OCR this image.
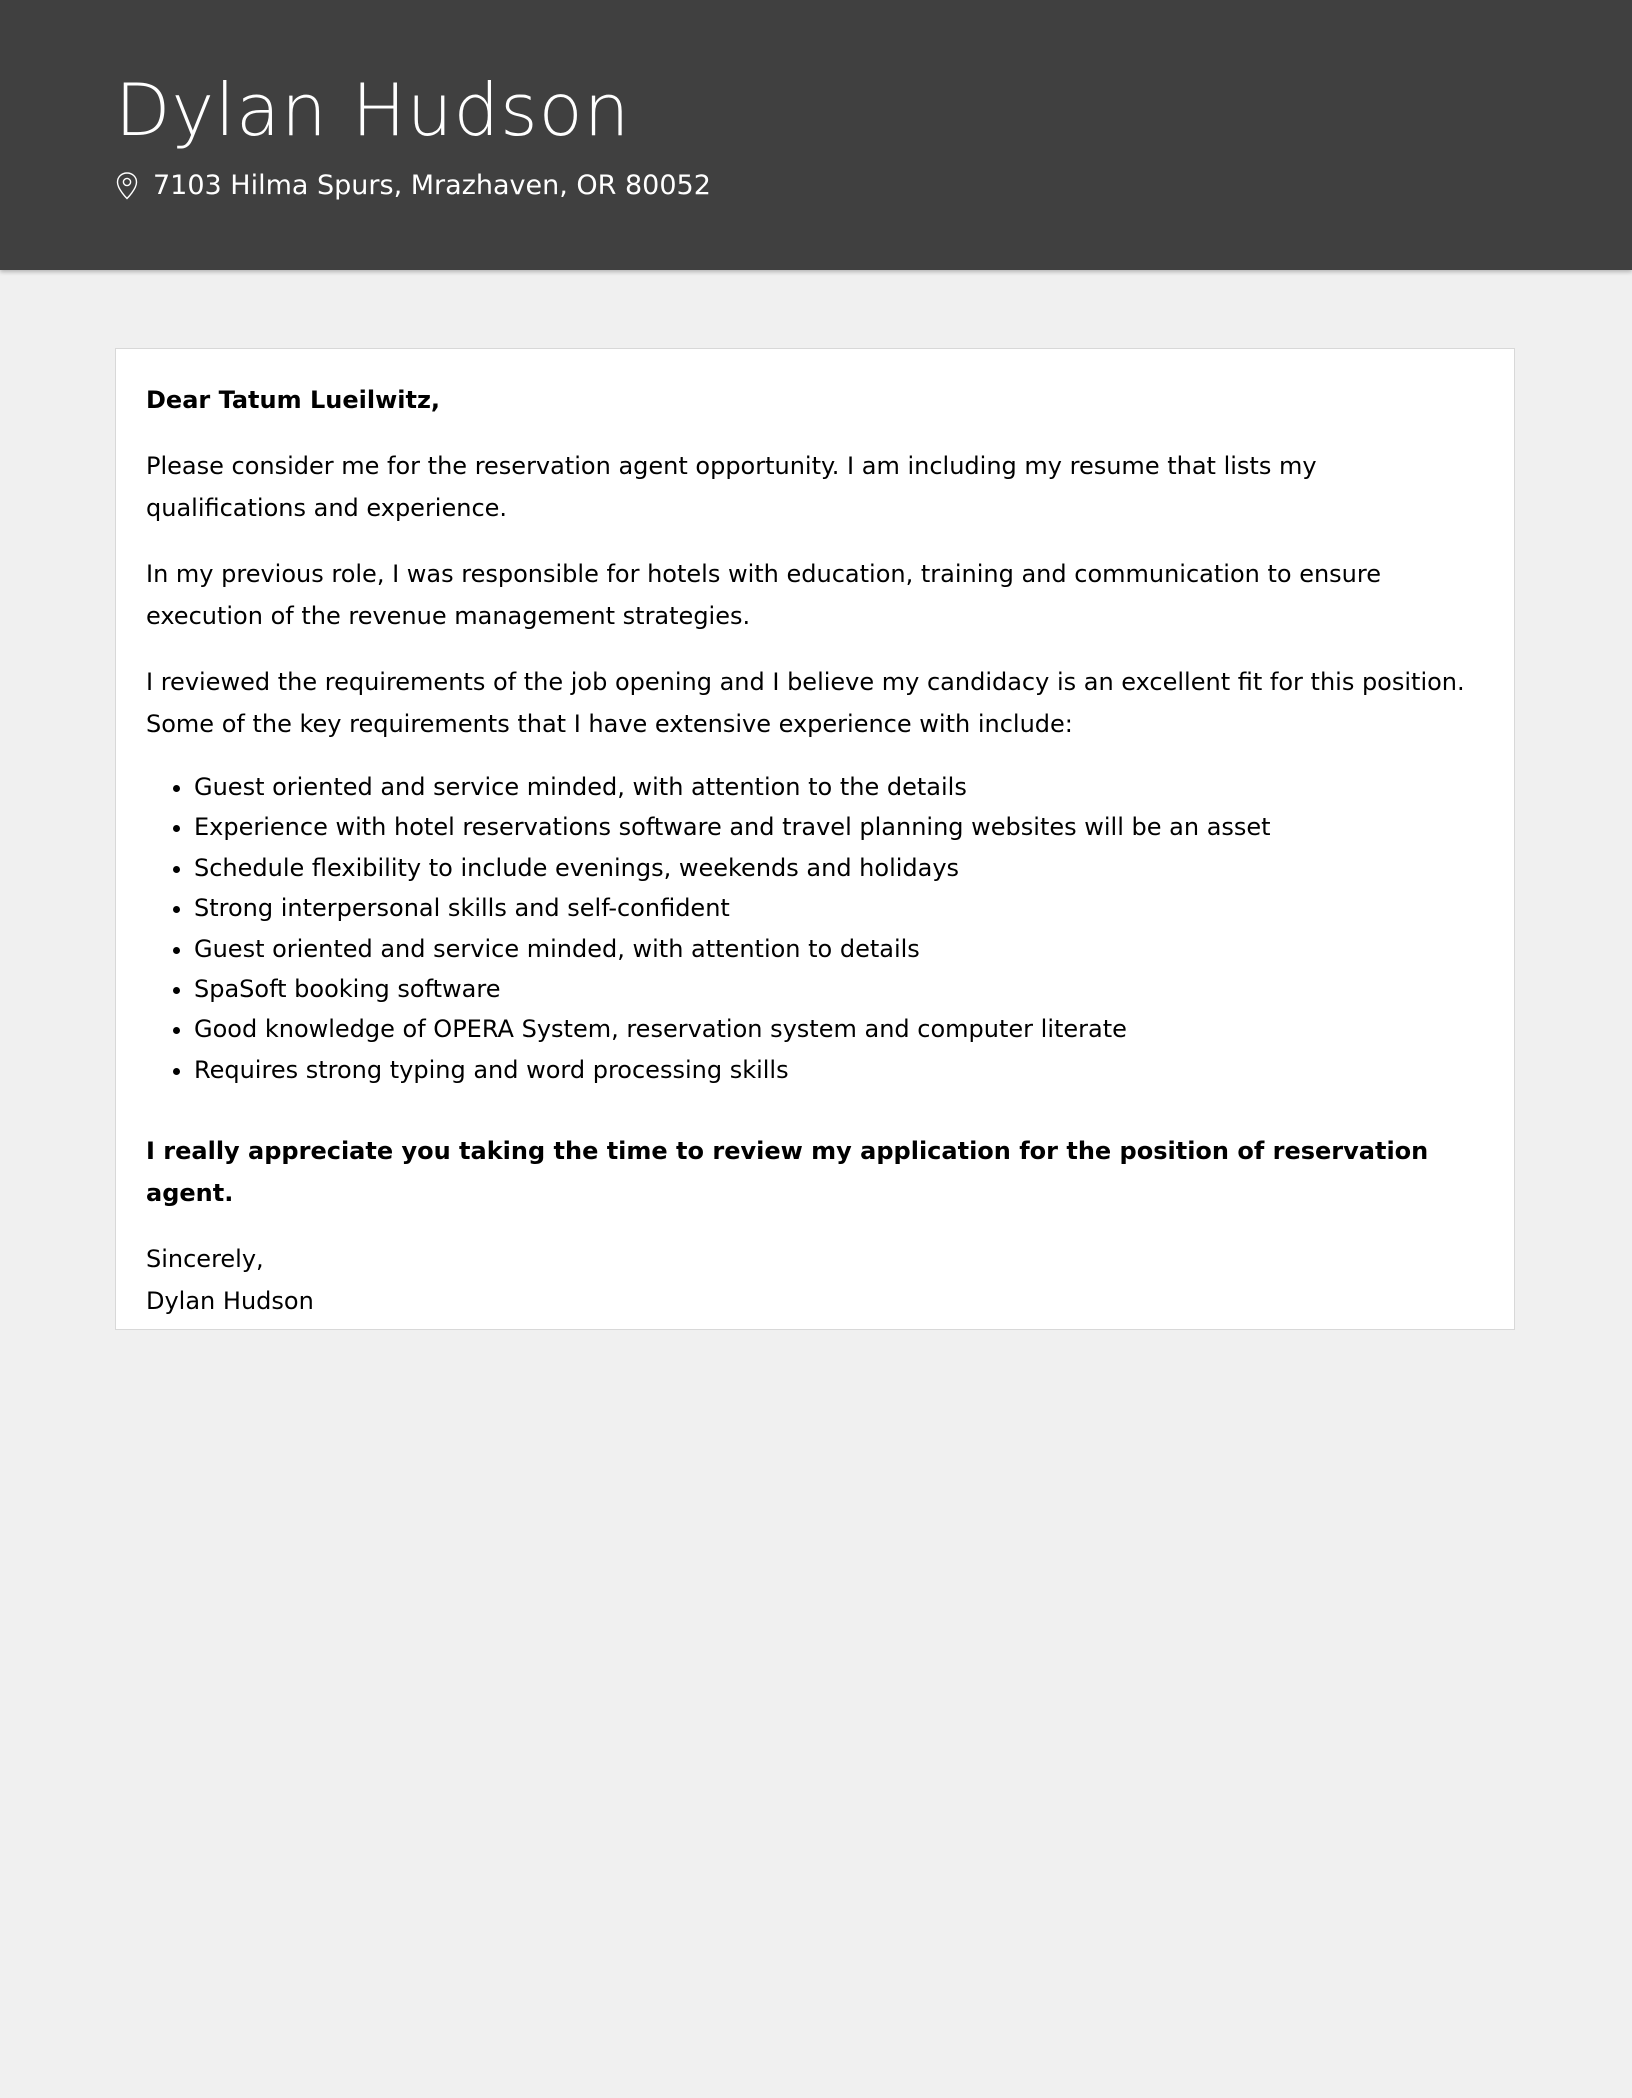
Dylan Hudson
7103 Hilma Spurs, Mrazhaven, OR 80052

Dear Tatum Lueilwitz,

Please consider me for the reservation agent opportunity. I am including my resume that lists my qualifications and experience.

In my previous role, I was responsible for hotels with education, training and communication to ensure execution of the revenue management strategies.

I reviewed the requirements of the job opening and I believe my candidacy is an excellent fit for this position. Some of the key requirements that I have extensive experience with include:

• Guest oriented and service minded, with attention to the details
• Experience with hotel reservations software and travel planning websites will be an asset
• Schedule flexibility to include evenings, weekends and holidays
• Strong interpersonal skills and self-confident
• Guest oriented and service minded, with attention to details
• SpaSoft booking software
• Good knowledge of OPERA System, reservation system and computer literate
• Requires strong typing and word processing skills

I really appreciate you taking the time to review my application for the position of reservation agent.

Sincerely,
Dylan Hudson
